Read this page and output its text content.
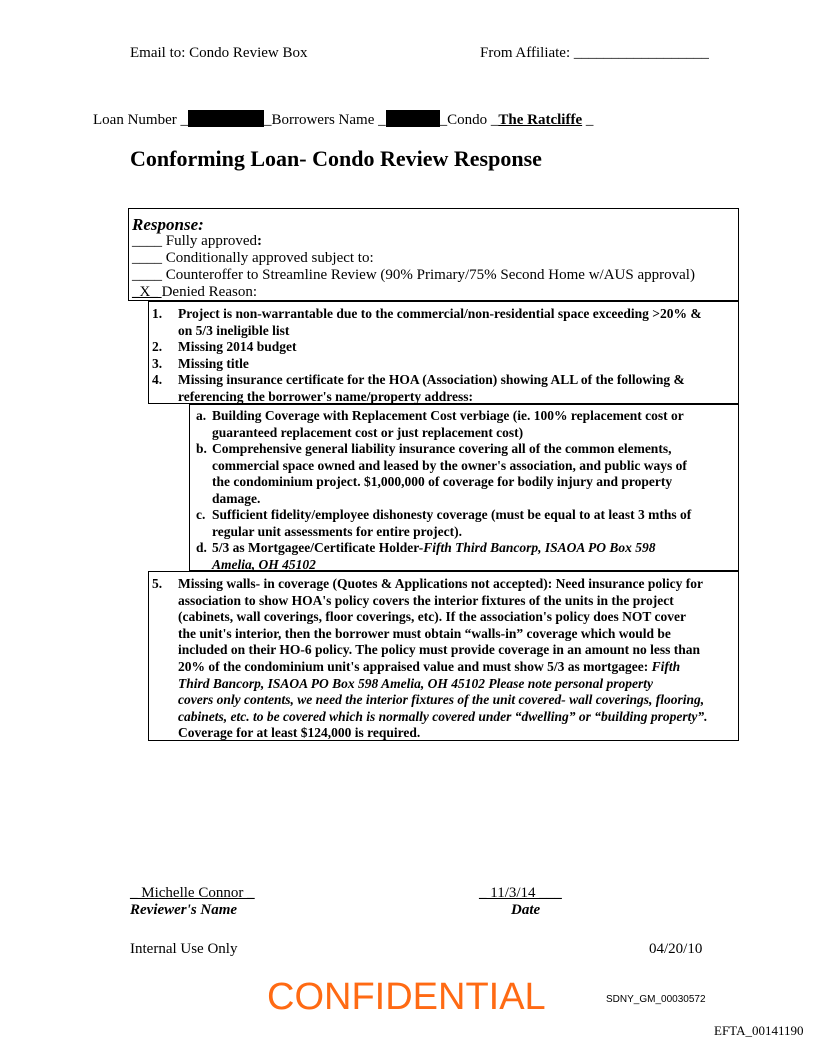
Email to: Condo Review Box	From Affiliate: __________________
Loan Number _	_Borrowers Name _	_Condo _The Ratcliffe _
Conforming Loan- Condo Review Response
Response:
____ Fully approved:
____ Conditionally approved subject to:
____ Counteroffer to Streamline Review (90% Primary/75% Second Home w/AUS approval)
_X_ Denied Reason:
1. Project is non-warrantable due to the commercial/non-residential space exceeding >20% &
on 5/3 ineligible list
2. Missing 2014 budget
3. Missing title
4. Missing insurance certificate for the HOA (Association) showing ALL of the following &
referencing the borrower's name/property address:
a. Building Coverage with Replacement Cost verbiage (ie. 100% replacement cost or
guaranteed replacement cost or just replacement cost)
b. Comprehensive general liability insurance covering all of the common elements,
commercial space owned and leased by the owner's association, and public ways of
the condominium project. $1,000,000 of coverage for bodily injury and property
damage.
c. Sufficient fidelity/employee dishonesty coverage (must be equal to at least 3 mths of
regular unit assessments for entire project).
d. 5/3 as Mortgagee/Certificate Holder-Fifth Third Bancorp, ISAOA PO Box 598
Amelia, OH 45102
5. Missing walls- in coverage (Quotes & Applications not accepted): Need insurance policy for
association to show HOA's policy covers the interior fixtures of the units in the project
(cabinets, wall coverings, floor coverings, etc). If the association's policy does NOT cover
the unit's interior, then the borrower must obtain “walls-in” coverage which would be
included on their HO-6 policy. The policy must provide coverage in an amount no less than
20% of the condominium unit's appraised value and must show 5/3 as mortgagee: Fifth
Third Bancorp, ISAOA PO Box 598 Amelia, OH 45102 Please note personal property
covers only contents, we need the interior fixtures of the unit covered- wall coverings, flooring,
cabinets, etc. to be covered which is normally covered under “dwelling” or “building property”.
Coverage for at least $124,000 is required.
_ Michelle Connor _
Reviewer's Name
_ 11/3/14 ___
Date
Internal Use Only	04/20/10
CONFIDENTIAL	SDNY_GM_00030572
EFTA_00141190
